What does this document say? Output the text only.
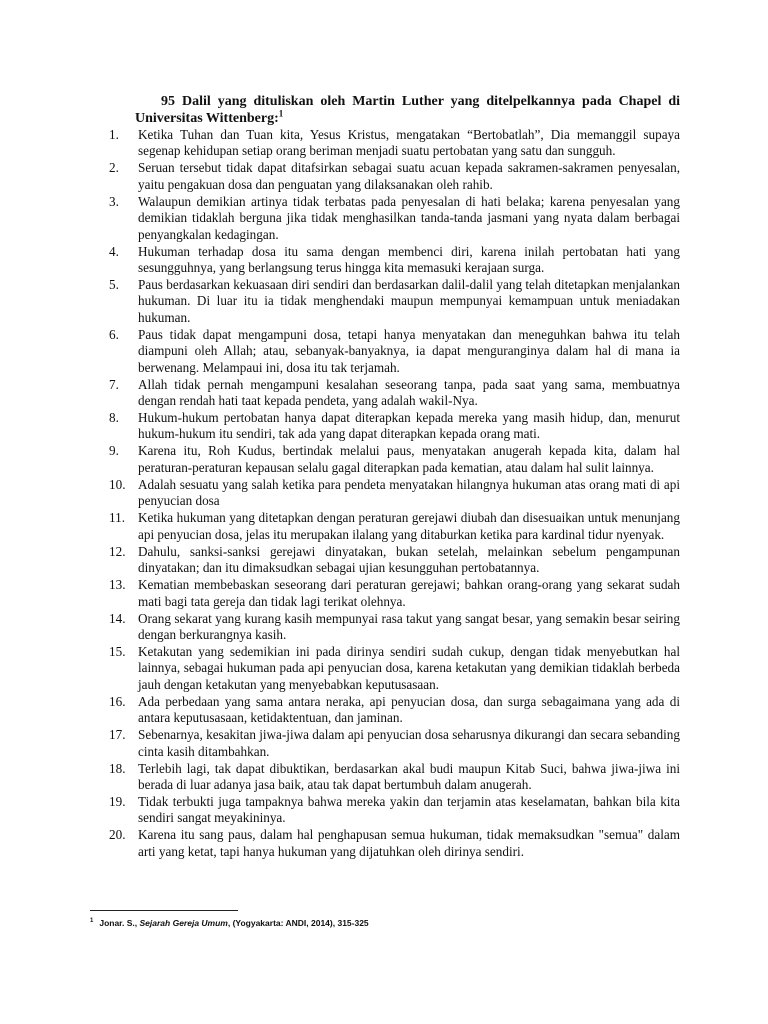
95 Dalil yang dituliskan oleh Martin Luther yang ditelpelkannya pada Chapel di Universitas Wittenberg:$^1$
1.	Ketika Tuhan dan Tuan kita, Yesus Kristus, mengatakan “Bertobatlah”, Dia memanggil supaya segenap kehidupan setiap orang beriman menjadi suatu pertobatan yang satu dan sungguh.
2.	Seruan tersebut tidak dapat ditafsirkan sebagai suatu acuan kepada sakramen-sakramen penyesalan, yaitu pengakuan dosa dan penguatan yang dilaksanakan oleh rahib.
3.	Walaupun demikian artinya tidak terbatas pada penyesalan di hati belaka; karena penyesalan yang demikian tidaklah berguna jika tidak menghasilkan tanda-tanda jasmani yang nyata dalam berbagai penyangkalan kedagingan.
4.	Hukuman terhadap dosa itu sama dengan membenci diri, karena inilah pertobatan hati yang sesungguhnya, yang berlangsung terus hingga kita memasuki kerajaan surga.
5.	Paus berdasarkan kekuasaan diri sendiri dan berdasarkan dalil-dalil yang telah ditetapkan menjalankan hukuman. Di luar itu ia tidak menghendaki maupun mempunyai kemampuan untuk meniadakan hukuman.
6.	Paus tidak dapat mengampuni dosa, tetapi hanya menyatakan dan meneguhkan bahwa itu telah diampuni oleh Allah; atau, sebanyak-banyaknya, ia dapat menguranginya dalam hal di mana ia berwenang. Melampaui ini, dosa itu tak terjamah.
7.	Allah tidak pernah mengampuni kesalahan seseorang tanpa, pada saat yang sama, membuatnya dengan rendah hati taat kepada pendeta, yang adalah wakil-Nya.
8.	Hukum-hukum pertobatan hanya dapat diterapkan kepada mereka yang masih hidup, dan, menurut hukum-hukum itu sendiri, tak ada yang dapat diterapkan kepada orang mati.
9.	Karena itu, Roh Kudus, bertindak melalui paus, menyatakan anugerah kepada kita, dalam hal peraturan-peraturan kepausan selalu gagal diterapkan pada kematian, atau dalam hal sulit lainnya.
10. Adalah sesuatu yang salah ketika para pendeta menyatakan hilangnya hukuman atas orang mati di api penyucian dosa
11. Ketika hukuman yang ditetapkan dengan peraturan gerejawi diubah dan disesuaikan untuk menunjang api penyucian dosa, jelas itu merupakan ilalang yang ditaburkan ketika para kardinal tidur nyenyak.
12. Dahulu, sanksi-sanksi gerejawi dinyatakan, bukan setelah, melainkan sebelum pengampunan dinyatakan; dan itu dimaksudkan sebagai ujian kesungguhan pertobatannya.
13. Kematian membebaskan seseorang dari peraturan gerejawi; bahkan orang-orang yang sekarat sudah mati bagi tata gereja dan tidak lagi terikat olehnya.
14. Orang sekarat yang kurang kasih mempunyai rasa takut yang sangat besar, yang semakin besar seiring dengan berkurangnya kasih.
15. Ketakutan yang sedemikian ini pada dirinya sendiri sudah cukup, dengan tidak menyebutkan hal lainnya, sebagai hukuman pada api penyucian dosa, karena ketakutan yang demikian tidaklah berbeda jauh dengan ketakutan yang menyebabkan keputusasaan.
16. Ada perbedaan yang sama antara neraka, api penyucian dosa, dan surga sebagaimana yang ada di antara keputusasaan, ketidaktentuan, dan jaminan.
17. Sebenarnya, kesakitan jiwa-jiwa dalam api penyucian dosa seharusnya dikurangi dan secara sebanding cinta kasih ditambahkan.
18. Terlebih lagi, tak dapat dibuktikan, berdasarkan akal budi maupun Kitab Suci, bahwa jiwa-jiwa ini berada di luar adanya jasa baik, atau tak dapat bertumbuh dalam anugerah.
19. Tidak terbukti juga tampaknya bahwa mereka yakin dan terjamin atas keselamatan, bahkan bila kita sendiri sangat meyakininya.
20. Karena itu sang paus, dalam hal penghapusan semua hukuman, tidak memaksudkan "semua" dalam arti yang ketat, tapi hanya hukuman yang dijatuhkan oleh dirinya sendiri.
$^1$ Jonar. S., Sejarah Gereja Umum, (Yogyakarta: ANDI, 2014), 315-325
